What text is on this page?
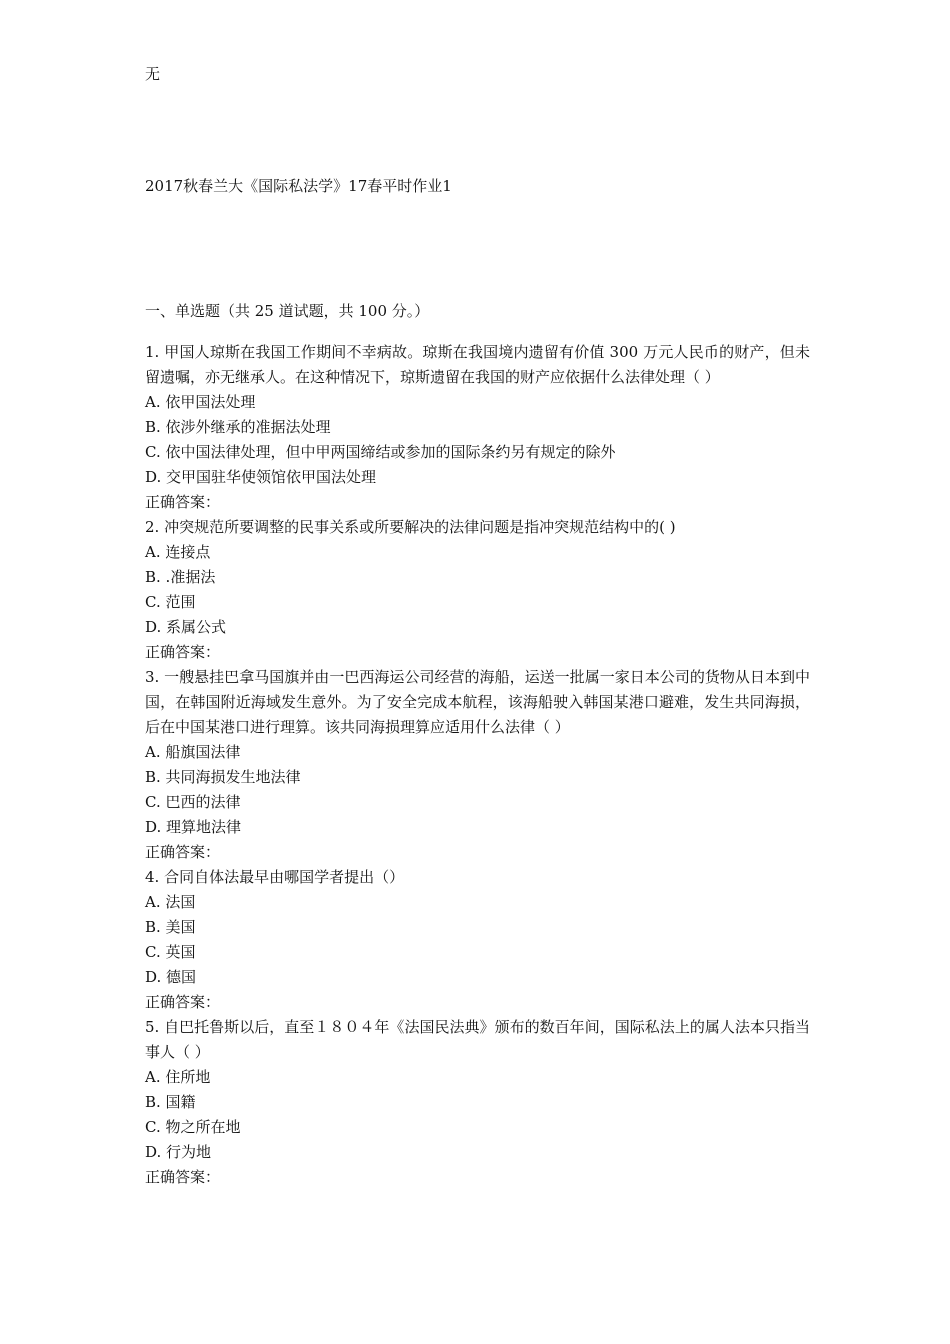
无
2017秋春兰大《国际私法学》17春平时作业1
一、单选题（共 25 道试题，共 100 分。）
1. 甲国人琼斯在我国工作期间不幸病故。琼斯在我国境内遗留有价值 300 万元人民币的财产，但未留遗嘱，亦无继承人。在这种情况下，琼斯遗留在我国的财产应依据什么法律处理（ ）
A. 依甲国法处理
B. 依涉外继承的准据法处理
C. 依中国法律处理，但中甲两国缔结或参加的国际条约另有规定的除外
D. 交甲国驻华使领馆依甲国法处理
正确答案：
2. 冲突规范所要调整的民事关系或所要解决的法律问题是指冲突规范结构中的( )
A. 连接点
B. .准据法
C. 范围
D. 系属公式
正确答案：
3. 一艘悬挂巴拿马国旗并由一巴西海运公司经营的海船，运送一批属一家日本公司的货物从日本到中国，在韩国附近海域发生意外。为了安全完成本航程，该海船驶入韩国某港口避难，发生共同海损，后在中国某港口进行理算。该共同海损理算应适用什么法律（ ）
A. 船旗国法律
B. 共同海损发生地法律
C. 巴西的法律
D. 理算地法律
正确答案：
4. 合同自体法最早由哪国学者提出（）
A. 法国
B. 美国
C. 英国
D. 德国
正确答案：
5. 自巴托鲁斯以后，直至１８０４年《法国民法典》颁布的数百年间，国际私法上的属人法本只指当事人（ ）
A. 住所地
B. 国籍
C. 物之所在地
D. 行为地
正确答案：
